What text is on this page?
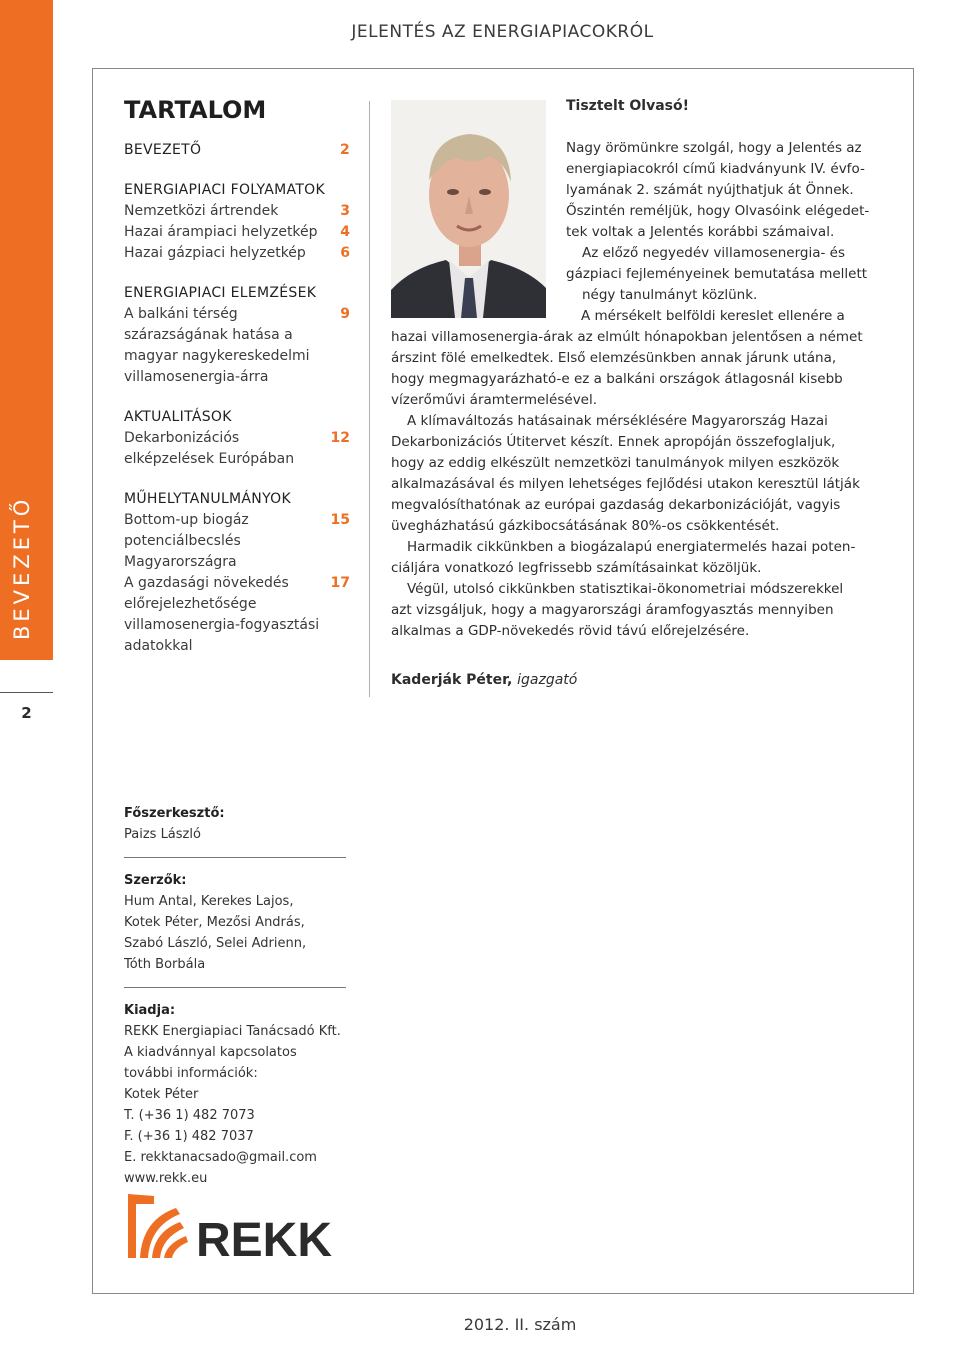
JELENTÉS AZ ENERGIAPIACOKRÓL
BEVEZETŐ
2
TARTALOM
BEVEZETŐ	2
ENERGIAPIACI FOLYAMATOK
Nemzetközi ártrendek	3
Hazai árampiaci helyzetkép 4
Hazai gázpiaci helyzetkép 6
ENERGIAPIACI ELEMZÉSEK
A balkáni térség	9
szárazságának hatása a
magyar nagykereskedelmi
villamosenergia-árra
AKTUALITÁSOK
Dekarbonizációs	12
elképzelések Európában
MŰHELYTANULMÁNYOK
Bottom-up biogáz	15
potenciálbecslés
Magyarországra
A gazdasági növekedés	17
előrejelezhetősége
villamosenergia-fogyasztási
adatokkal
Tisztelt Olvasó!
Nagy örömünkre szolgál, hogy a Jelentés az
energiapiacokról című kiadványunk IV. évfo-
lyamának 2. számát nyújthatjuk át Önnek.
Őszintén reméljük, hogy Olvasóink elégedet-
tek voltak a Jelentés korábbi számaival.
Az előző negyedév villamosenergia- és
gázpiaci fejleményeinek bemutatása mellett
négy tanulmányt közlünk.
A mérsékelt belföldi kereslet ellenére a
hazai villamosenergia-árak az elmúlt hónapokban jelentősen a német
árszint fölé emelkedtek. Első elemzésünkben annak járunk utána,
hogy megmagyarázható-e ez a balkáni országok átlagosnál kisebb
vízerőművi áramtermelésével.
A klímaváltozás hatásainak mérséklésére Magyarország Hazai
Dekarbonizációs Útitervet készít. Ennek apropóján összefoglaljuk,
hogy az eddig elkészült nemzetközi tanulmányok milyen eszközök
alkalmazásával és milyen lehetséges fejlődési utakon keresztül látják
megvalósíthatónak az európai gazdaság dekarbonizációját, vagyis
üvegházhatású gázkibocsátásának 80%-os csökkentését.
Harmadik cikkünkben a biogázalapú energiatermelés hazai poten-
ciáljára vonatkozó legfrissebb számításainkat közöljük.
Végül, utolsó cikkünkben statisztikai-ökonometriai módszerekkel
azt vizsgáljuk, hogy a magyarországi áramfogyasztás mennyiben
alkalmas a GDP-növekedés rövid távú előrejelzésére.
Kaderják Péter, igazgató
Főszerkesztő:
Paizs László
Szerzők:
Hum Antal, Kerekes Lajos,
Kotek Péter, Mezősi András,
Szabó László, Selei Adrienn,
Tóth Borbála
Kiadja:
REKK Energiapiaci Tanácsadó Kft.
A kiadvánnyal kapcsolatos
további információk:
Kotek Péter
T. (+36 1) 482 7073
F. (+36 1) 482 7037
E. rekktanacsado@gmail.com
www.rekk.eu
REKK
2012. II. szám
